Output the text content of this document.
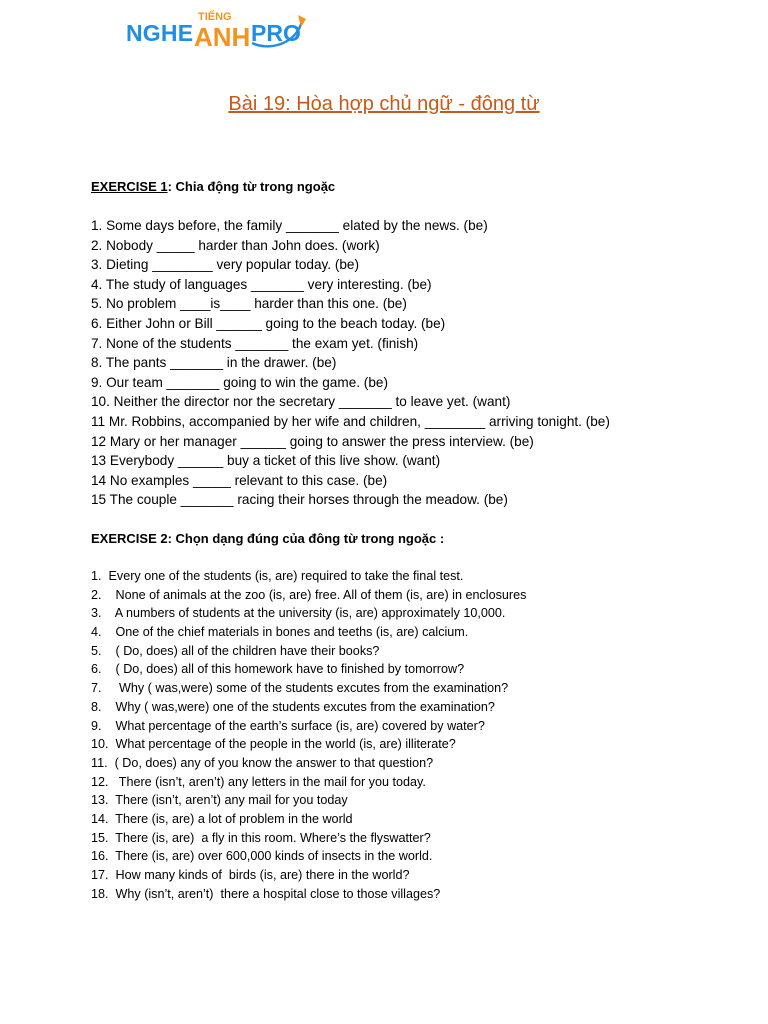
NGHE
TIẾNG
ANH PRO
Bài 19: Hòa hợp chủ ngữ - đông từ
EXERCISE 1: Chia động từ trong ngoặc
1. Some days before, the family _______ elated by the news. (be)
2. Nobody _____ harder than John does. (work)
3. Dieting ________ very popular today. (be)
4. The study of languages _______ very interesting. (be)
5. No problem ____is____ harder than this one. (be)
6. Either John or Bill ______ going to the beach today. (be)
7. None of the students _______ the exam yet. (finish)
8. The pants _______ in the drawer. (be)
9. Our team _______ going to win the game. (be)
10. Neither the director nor the secretary _______ to leave yet. (want)
11 Mr. Robbins, accompanied by her wife and children, ________ arriving tonight. (be)
12 Mary or her manager ______ going to answer the press interview. (be)
13 Everybody ______ buy a ticket of this live show. (want)
14 No examples _____ relevant to this case. (be)
15 The couple _______ racing their horses through the meadow. (be)
EXERCISE 2: Chọn dạng đúng của đông từ trong ngoặc :
1.  Every one of the students (is, are) required to take the final test.
2.    None of animals at the zoo (is, are) free. All of them (is, are) in enclosures
3.    A numbers of students at the university (is, are) approximately 10,000.
4.    One of the chief materials in bones and teeths (is, are) calcium.
5.    ( Do, does) all of the children have their books?
6.    ( Do, does) all of this homework have to finished by tomorrow?
7.     Why ( was,were) some of the students excutes from the examination?
8.    Why ( was,were) one of the students excutes from the examination?
9.    What percentage of the earth’s surface (is, are) covered by water?
10.  What percentage of the people in the world (is, are) illiterate?
11.  ( Do, does) any of you know the answer to that question?
12.   There (isn’t, aren’t) any letters in the mail for you today.
13.  There (isn’t, aren’t) any mail for you today
14.  There (is, are) a lot of problem in the world
15.  There (is, are)  a fly in this room. Where’s the flyswatter?
16.  There (is, are) over 600,000 kinds of insects in the world.
17.  How many kinds of  birds (is, are) there in the world?
18.  Why (isn’t, aren’t)  there a hospital close to those villages?
